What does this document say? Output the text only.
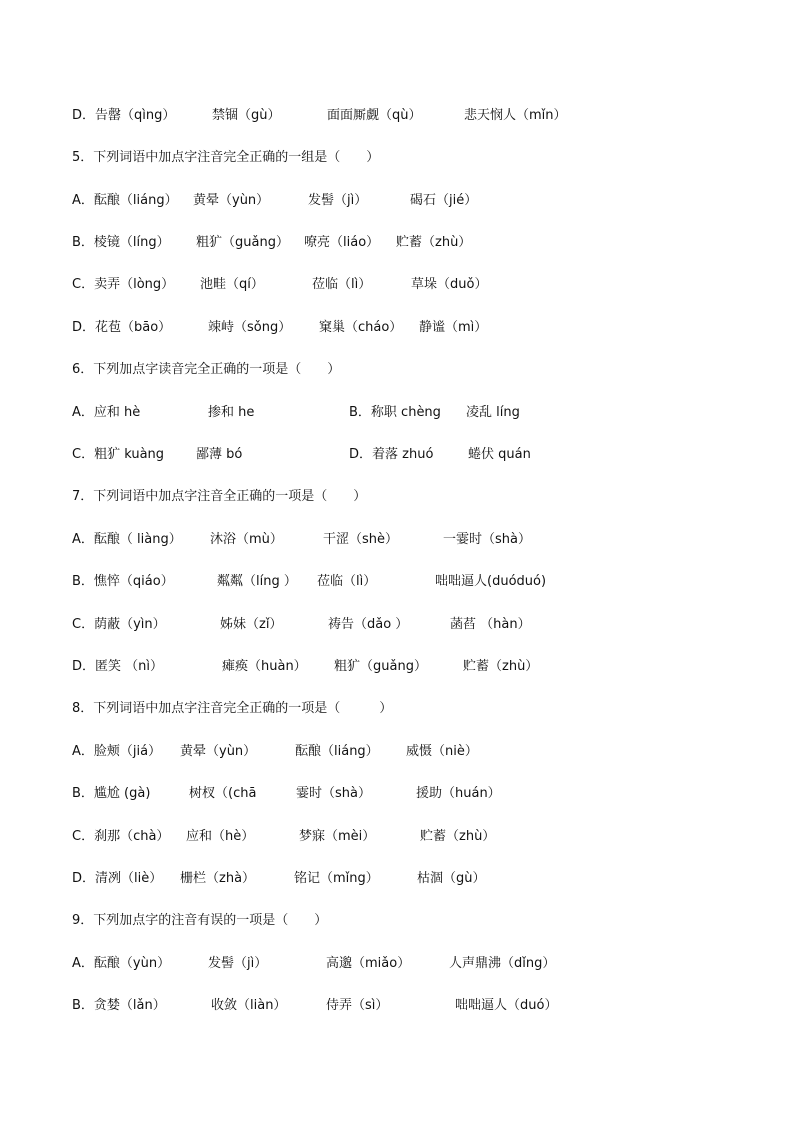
D．告罄（qìng）	禁锢（gù）	面面厮觑（qù）	悲天悯人（mǐn）
5．下列词语中加点字注音完全正确的一组是（　　）
A．酝酿（liáng） 黄晕（yùn）	发髻（jì）	碣石（jié）
B．棱镜（líng） 粗犷（guǎng） 嘹亮（liáo） 贮蓄（zhù）
C．卖弄（lòng） 池畦（qí）	莅临（lì）	草垛（duǒ）
D．花苞（bāo）	竦峙（sǒng） 窠巢（cháo） 静谧（mì）
6．下列加点字读音完全正确的一项是（　　）
A．应和 hè	掺和 he	B．称职 chèng 凌乱 líng
C．粗犷 kuàng 鄙薄 bó	D．着落 zhuó	蜷伏 quán
7．下列词语中加点字注音全正确的一项是（　　）
A．酝酿（ liàng） 沐浴（mù）	干涩（shè）	一霎时（shà）
B．憔悴（qiáo）	粼粼（líng ） 莅临（lì）	咄咄逼人(duóduó)
C．荫蔽（yìn）	姊妹（zǐ）	祷告（dǎo ）	菡萏 （hàn）
D．匿笑 （nì）	瘫痪（huàn） 粗犷（guǎng）	贮蓄（zhù）
8．下列词语中加点字注音完全正确的一项是（　　　）
A．脸颊（jiá） 黄晕（yùn）	酝酿（liáng） 威慑（niè）
B．尴尬 (gà)	树杈（(chā	霎时（shà）	援助（huán）
C．刹那（chà） 应和（hè）	梦寐（mèi）	贮蓄（zhù）
D．清冽（liè） 栅栏（zhà）	铭记（mǐng）	枯涸（gù）
9．下列加点字的注音有误的一项是（　　）
A．酝酿（yùn）	发髻（jì）	高邈（miǎo）	人声鼎沸（dǐng）
B．贪婪（lǎn）	收敛（liàn）	侍弄（sì）	咄咄逼人（duó）
